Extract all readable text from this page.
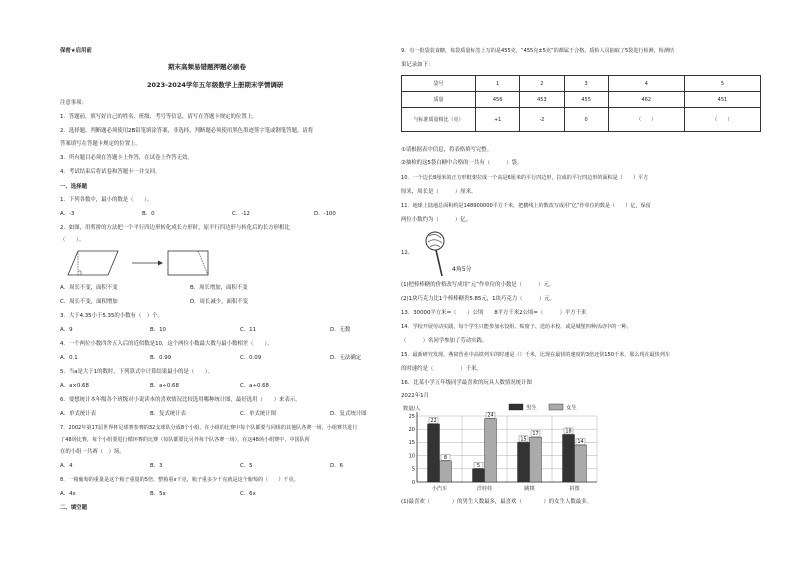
保密★启用前
期末高频易错题押题必刷卷
2023-2024学年五年级数学上册期末学情调研
注意事项：
1．答题前，填写好自己的姓名、班级、考号等信息，请写在答题卡规定的位置上。
2．选择题、判断题必须使用2B铅笔填涂答案，非选择、判断题必须使用黑色墨迹签字笔或钢笔答题，请将
答案填写在答题卡规定的位置上。
3．所有题目必须在答题卡上作答，在试卷上作答无效。
4．考试结束后将试卷和答题卡一并交回。
一、选择题
1．下列各数中，最小的数是（　　）。
A．-3	B．0	C．-12	D．-100
2．如图，用剪拼的方法把一个平行四边形转化成长方形时，原平行四边形与转化后的长方形相比
（　　）。
A．周长不变，面积不变	B．周长增加，面积不变
C．周长不变，面积增加	D．周长减少，面积不变
3．大于4.35小于5.35的小数有（　）个。
A．9	B．10	C．11	D．无数
4．一个两位小数四舍五入后的近似数是10，这个两位小数最大数与最小数相差（　　）。
A．0.1	B．0.99	C．0.09	D．无法确定
5．当a是大于1的数时，下列算式中计算结果最小的是（　　）。
A．a×0.68	B．a÷0.68	C．a÷0.68
6．要想统计本年级各个班级对小说读本的喜欢情况比较选用哪种统计图，最好选用（　　）来表示。
A．单式统计表	B．复式统计表	C．单式统计图	D．复式统计图
7．2002年第17届世界杯足球赛参赛的32支球队分成8个小组，在小组的比赛中每个队都要与同组的其他队各赛一场，小组赛共进行
了48场比赛，每个小组要进行循环赛的比赛（每队都要比另外每个队各赛一场）。在这48场小组赛中，中国队所
在的小组一共赛（　）场。
A．4	B．3	C．5	D．6
8．一箱葡萄的重量是这个箱子重量的5倍，整箱重x千克，箱子重多少千克就是这个葡萄的（　　）千克。
A．4x	B．5x	C．6x
二、填空题
9．有一批袋装食糖，每袋质量标签上写的是455克，“455克±5克”的都属于合格。质检人员抽取了5袋进行检测，检测结
果记录如下：
袋号	1	2	3	4	5
质量	456	453	455	462	451
与标准质量相比（克）	+1	-2	0	（　　）	（　　）
①请根据表中信息，将表格填写完整。
②抽检的这5袋白糖中合格的一共有（　　　）袋。
10．一个边长8厘米的正方形框架拉成一个高是6厘米的平行四边形，拉成的平行四边形的面积是（　　）平方
厘米，周长是（　　　）厘米。
11．地球上陆地总面积约是148900000平方千米，把横线上的数改写成用“亿”作单位的数是（　　）亿，保留
两位小数约为（　　　）亿。
12．
4角5分
(1)把棒棒糖的价格改写成用“元”作单位的小数是（　　　）元。
(2)1块巧克力比1个棒棒糖贵5.85元，1块巧克力（　　　）元。
13．30000平方米=（　　）公顷　　8平方千米2公顷=（　　　）平方千米
14．学校开展劳动实践，每个学生只能参加水饺组、贴窗子、送给本校、或是城堡四种活动中的一种。
（　　　）名同学参加了劳动实践。
15．最新研究发现，燕窝营业中高铁列车的时速是（）千米，比现在最快的速度的3倍还快150千米，那么现在最快列车
的时速约是（　　　　　）千米。
16．比某小学五年级同学最喜欢的玩具人数情况统计图
2022年1月
0
5
10
15
20
25
数量/人
22
8
小汽车
5
24
洋娃娃
15
17
跳棋
18
14
拼图
男生	女生
(1)最喜欢（　　　　）的男生人数最多，最喜欢（　　　　）的女生人数最多。
